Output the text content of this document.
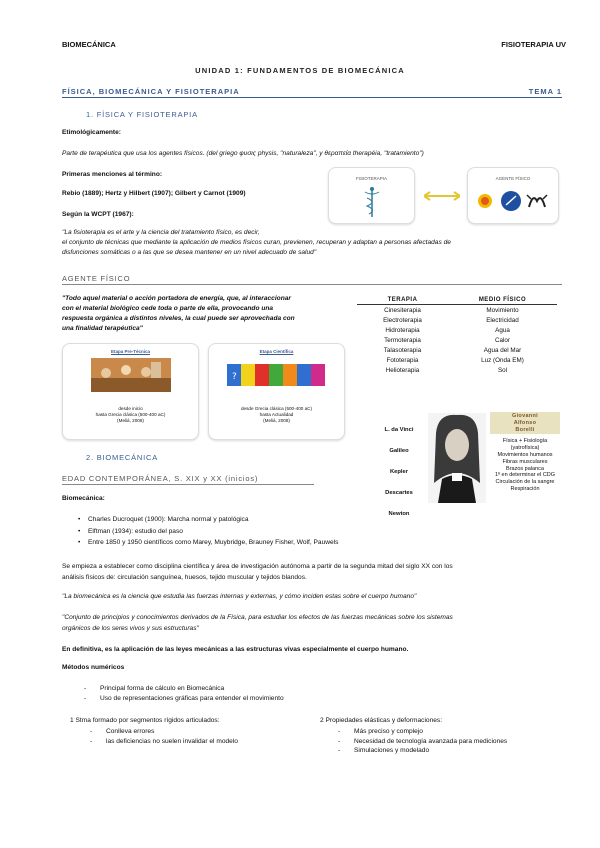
BIOMECÁNICA	FISIOTERAPIA UV
UNIDAD 1: FUNDAMENTOS DE BIOMECÁNICA
FÍSICA, BIOMECÁNICA Y FISIOTERAPIA	TEMA 1
1. FÍSICA Y FISIOTERAPIA
Etimológicamente:
Parte de terapéutica que usa los agentes físicos. (del griego φυσις physis, "naturaleza", y θεραπεία therapéia, "tratamiento")
Primeras menciones al término:
Rebio (1889); Hertz y Hilbert (1907); Gilbert y Carnot (1909)
Según la WCPT (1967):
"La fisioterapia es el arte y la ciencia del tratamiento físico, es decir,
el conjunto de técnicas que mediante la aplicación de medios físicos curan, previenen, recuperan y adaptan a personas afectadas de
disfunciones somáticas o a las que se desea mantener en un nivel adecuado de salud"
FISIOTERAPIA	AGENTE FÍSICO
AGENTE FÍSICO
"Todo aquel material o acción portadora de energía, que, al interaccionar
con el material biológico cede toda o parte de ella, provocando una
respuesta orgánica a distintos niveles, la cual puede ser aprovechada con
una finalidad terapéutica"
TERAPIA	MEDIO FÍSICO
Cinesiterapia	Movimiento
Electroterapia	Electricidad
Hidroterapia	Agua
Termoterapia	Calor
Talasoterapia	Agua del Mar
Fototerapia	Luz (Onda EM)
Helioterapia	Sol
Etapa Pre-Técnica
desde inicio
hasta Grecia clásica (500-400 aC)
(Meliá, 2008)
Etapa Científica
?
desde Grecia clásica (500-400 aC)
hasta Actualidad
(Meliá, 2008)
L. da Vinci
Galileo
Kepler
Descartes
Newton
Giovanni
Alfonso
Borelli
Física + Fisiología
(yatrofísica)
Movimientos humanos
Fibras musculares
Brazos palanca
1º en determinar el CDG
Circulación de la sangre
Respiración
2. BIOMECÁNICA
EDAD CONTEMPORÁNEA, S. XIX y XX (inicios)
Biomecánica:
• Charles Ducroquet (1900): Marcha normal y patológica
• Elftman (1934): estudio del paso
• Entre 1850 y 1950 científicos como Marey, Muybridge, Brauney Fisher, Wolf, Pauwels
Se empieza a establecer como disciplina científica y área de investigación autónoma a partir de la segunda mitad del siglo XX con los
análisis físicos de: circulación sanguínea, huesos, tejido muscular y tejidos blandos.
"La biomecánica es la ciencia que estudia las fuerzas internas y externas, y cómo inciden estas sobre el cuerpo humano"
"Conjunto de principios y conocimientos derivados de la Física, para estudiar los efectos de las fuerzas mecánicas sobre los sistemas
orgánicos de los seres vivos y sus estructuras"
En definitiva, es la aplicación de las leyes mecánicas a las estructuras vivas especialmente el cuerpo humano.
Métodos numéricos
- Principal forma de cálculo en Biomecánica
- Uso de representaciones gráficas para entender el movimiento
1 Stma formado por segmentos rígidos articulados:
- Conlleva errores
- las deficiencias no suelen invalidar el modelo
2 Propiedades elásticas y deformaciones:
- Más preciso y complejo
- Necesidad de tecnología avanzada para mediciones
- Simulaciones y modelado
